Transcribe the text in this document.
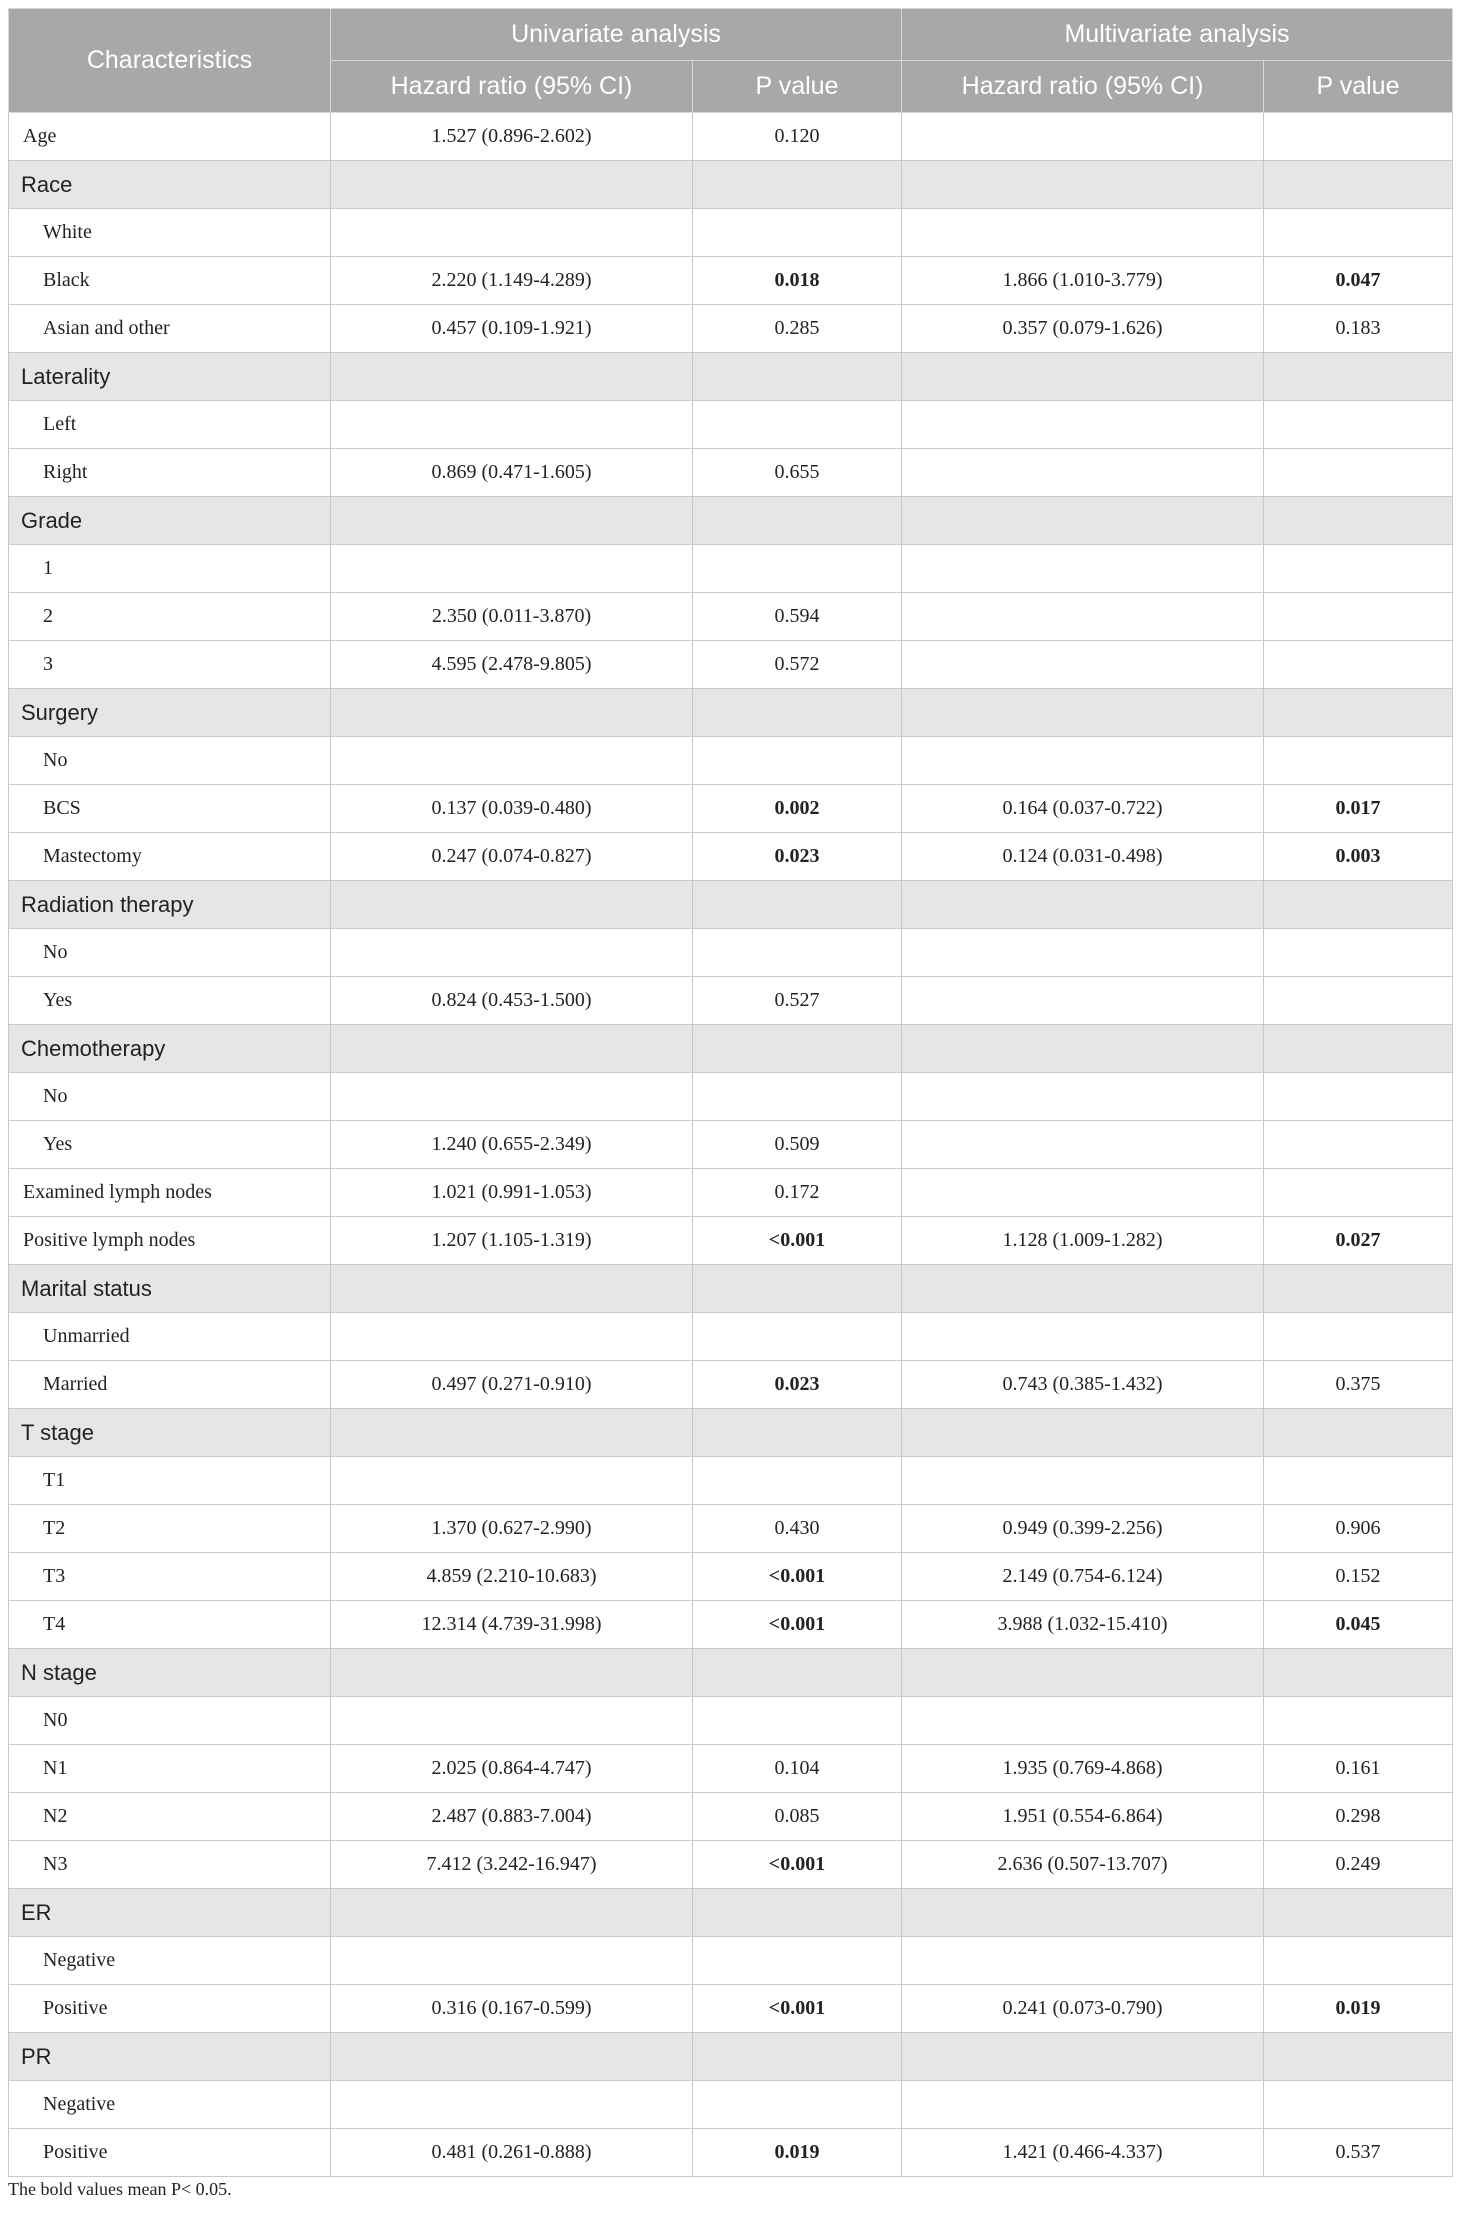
Characteristics	Univariate analysis		Multivariate analysis	
	Hazard ratio (95% CI)	P value	Hazard ratio (95% CI)	P value
Age	1.527 (0.896-2.602)	0.120		
Race				
White				
Black	2.220 (1.149-4.289)	0.018	1.866 (1.010-3.779)	0.047
Asian and other	0.457 (0.109-1.921)	0.285	0.357 (0.079-1.626)	0.183
Laterality				
Left				
Right	0.869 (0.471-1.605)	0.655		
Grade				
1				
2	2.350 (0.011-3.870)	0.594		
3	4.595 (2.478-9.805)	0.572		
Surgery				
No				
BCS	0.137 (0.039-0.480)	0.002	0.164 (0.037-0.722)	0.017
Mastectomy	0.247 (0.074-0.827)	0.023	0.124 (0.031-0.498)	0.003
Radiation therapy				
No				
Yes	0.824 (0.453-1.500)	0.527		
Chemotherapy				
No				
Yes	1.240 (0.655-2.349)	0.509		
Examined lymph nodes	1.021 (0.991-1.053)	0.172		
Positive lymph nodes	1.207 (1.105-1.319)	<0.001	1.128 (1.009-1.282)	0.027
Marital status				
Unmarried				
Married	0.497 (0.271-0.910)	0.023	0.743 (0.385-1.432)	0.375
T stage				
T1				
T2	1.370 (0.627-2.990)	0.430	0.949 (0.399-2.256)	0.906
T3	4.859 (2.210-10.683)	<0.001	2.149 (0.754-6.124)	0.152
T4	12.314 (4.739-31.998)	<0.001	3.988 (1.032-15.410)	0.045
N stage				
N0				
N1	2.025 (0.864-4.747)	0.104	1.935 (0.769-4.868)	0.161
N2	2.487 (0.883-7.004)	0.085	1.951 (0.554-6.864)	0.298
N3	7.412 (3.242-16.947)	<0.001	2.636 (0.507-13.707)	0.249
ER				
Negative				
Positive	0.316 (0.167-0.599)	<0.001	0.241 (0.073-0.790)	0.019
PR				
Negative				
Positive	0.481 (0.261-0.888)	0.019	1.421 (0.466-4.337)	0.537
The bold values mean P< 0.05.
